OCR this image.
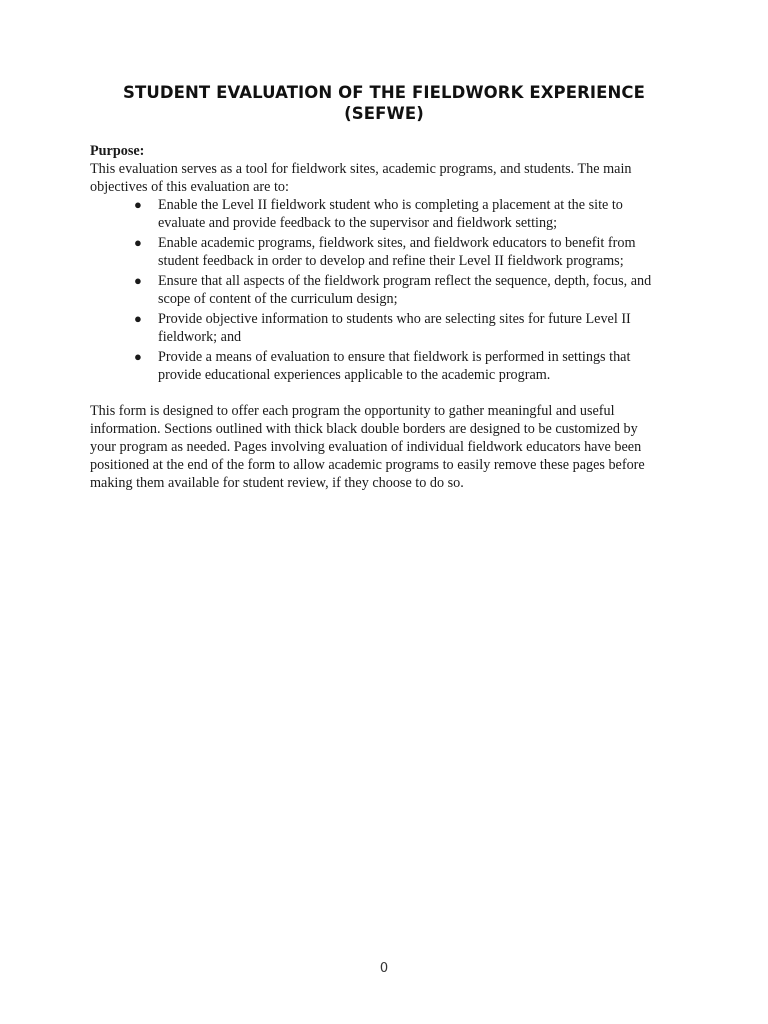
STUDENT EVALUATION OF THE FIELDWORK EXPERIENCE
(SEFWE)
Purpose:
This evaluation serves as a tool for fieldwork sites, academic programs, and students. The main
objectives of this evaluation are to:
● Enable the Level II fieldwork student who is completing a placement at the site to
evaluate and provide feedback to the supervisor and fieldwork setting;
● Enable academic programs, fieldwork sites, and fieldwork educators to benefit from
student feedback in order to develop and refine their Level II fieldwork programs;
● Ensure that all aspects of the fieldwork program reflect the sequence, depth, focus, and
scope of content of the curriculum design;
● Provide objective information to students who are selecting sites for future Level II
fieldwork; and
● Provide a means of evaluation to ensure that fieldwork is performed in settings that
provide educational experiences applicable to the academic program.
This form is designed to offer each program the opportunity to gather meaningful and useful
information. Sections outlined with thick black double borders are designed to be customized by
your program as needed. Pages involving evaluation of individual fieldwork educators have been
positioned at the end of the form to allow academic programs to easily remove these pages before
making them available for student review, if they choose to do so.
0
